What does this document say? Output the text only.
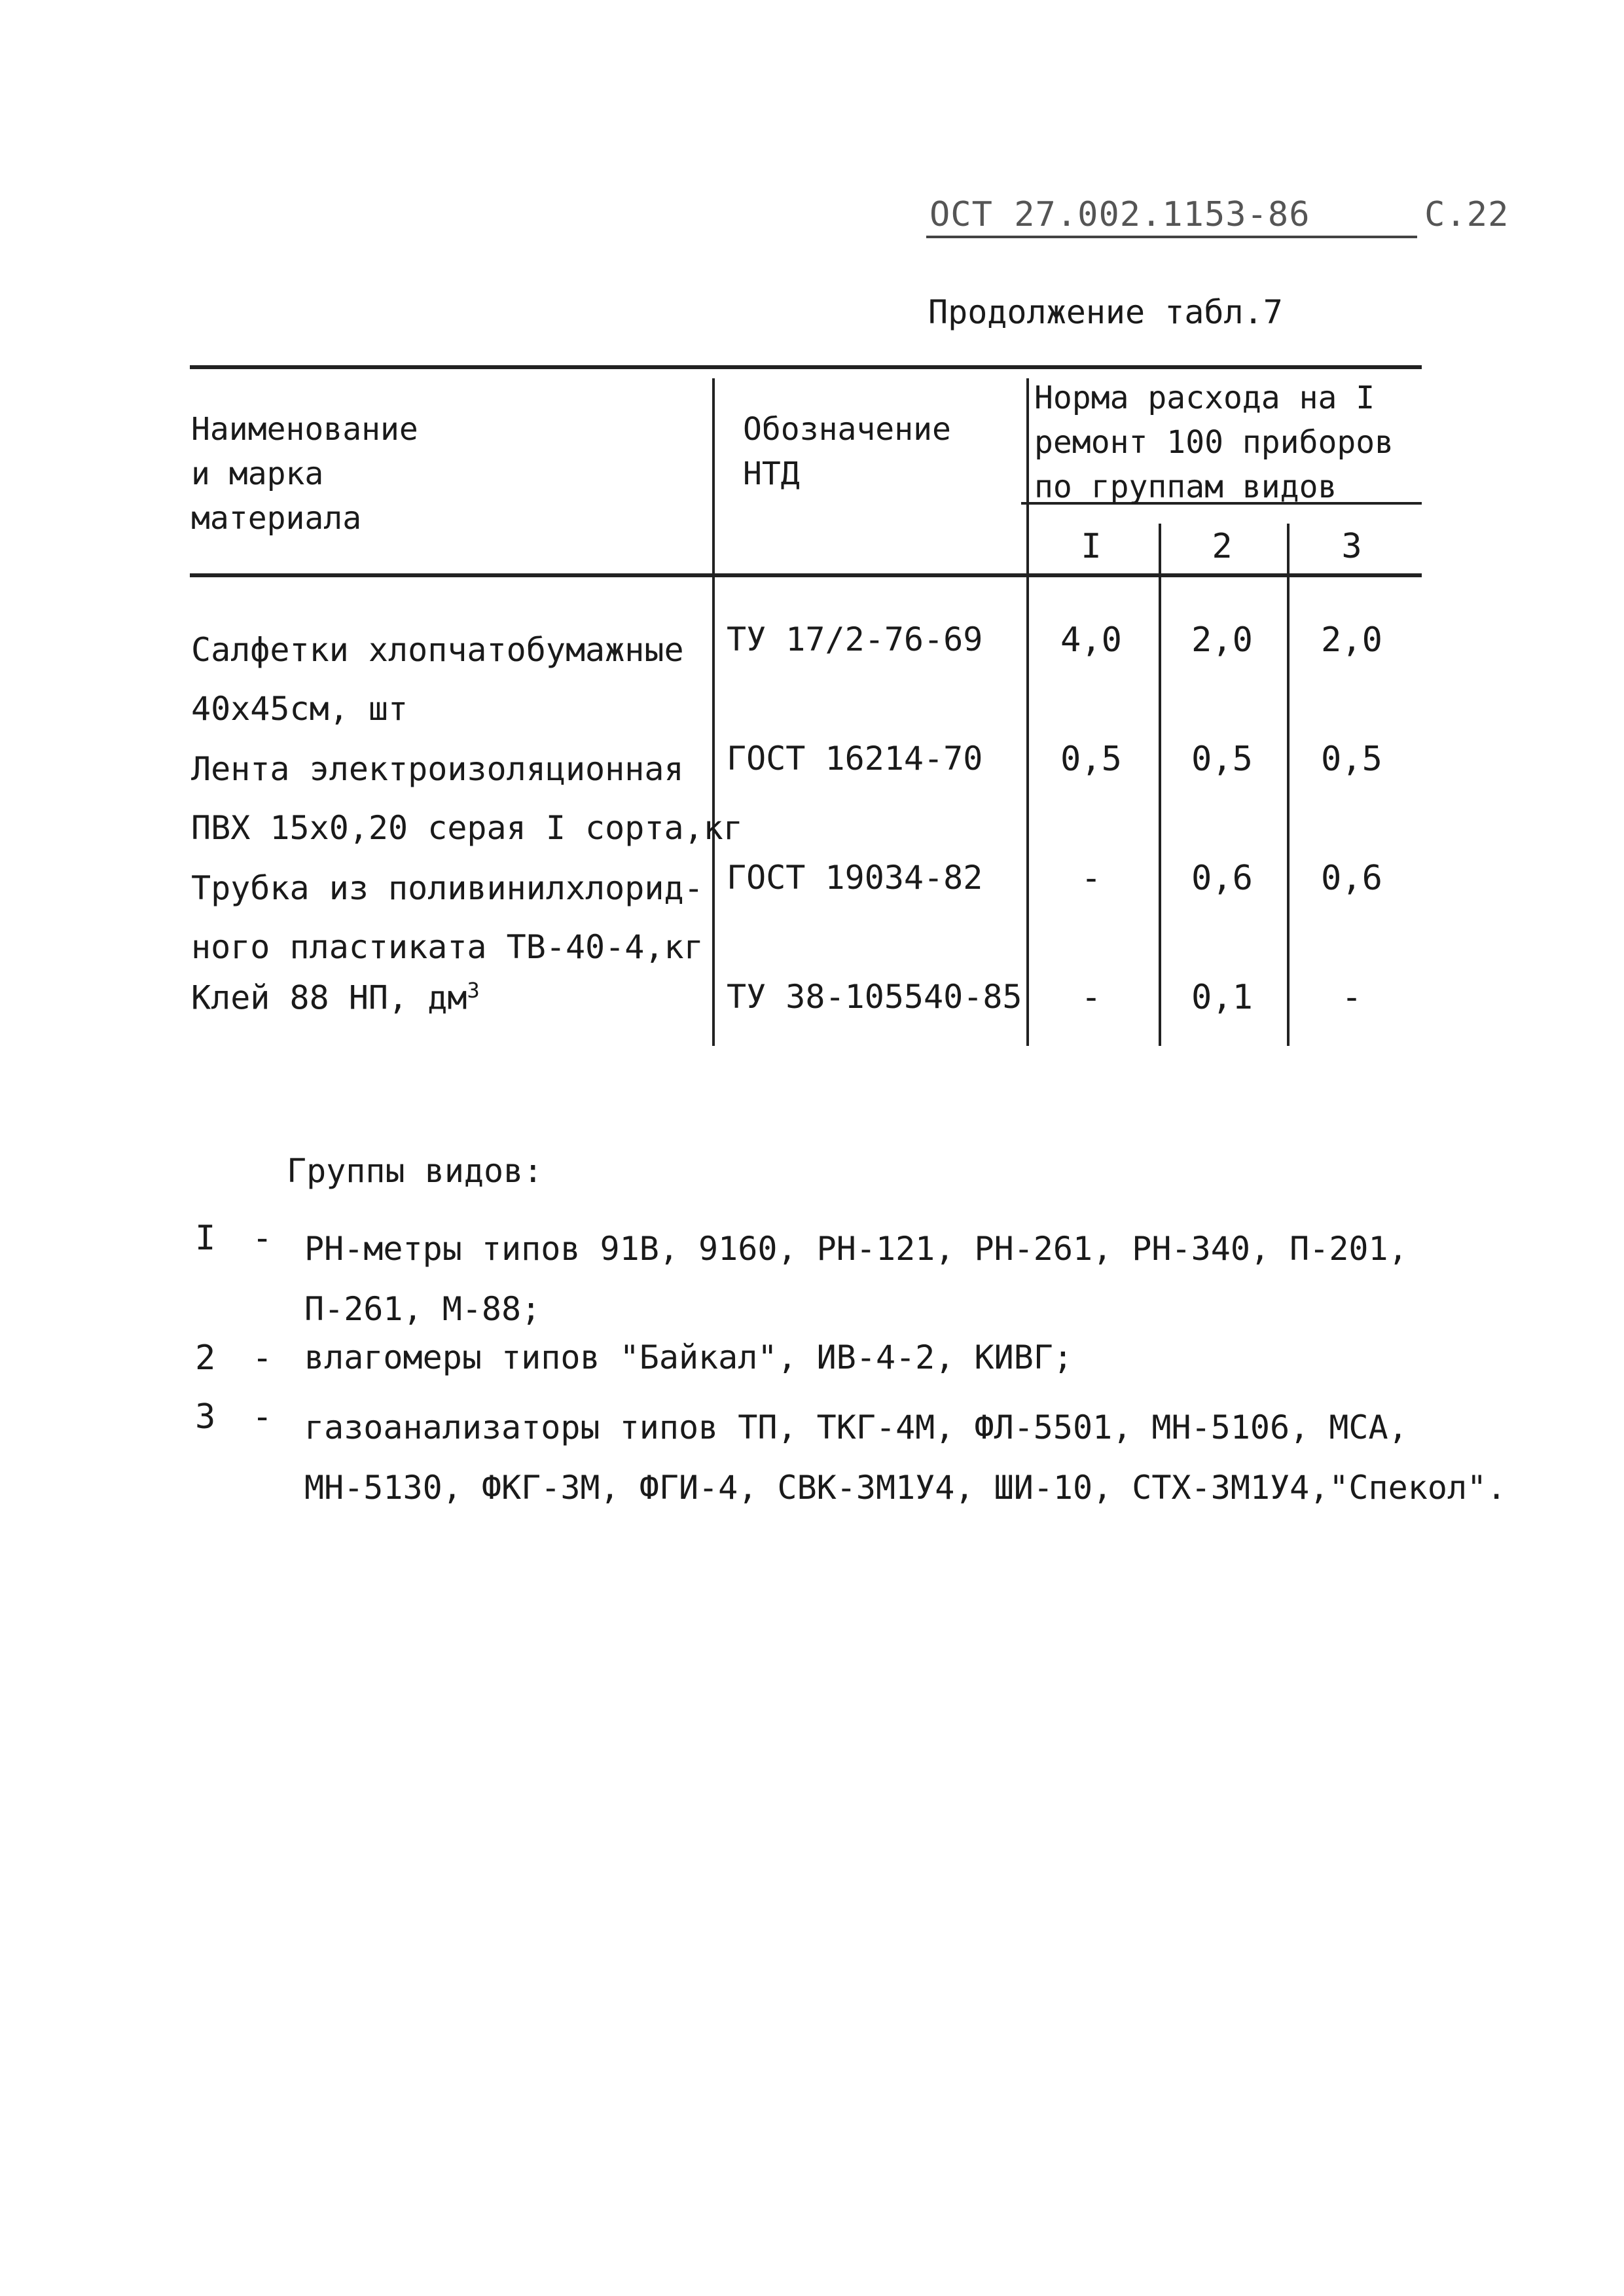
ОСТ 27.002.1153-86	С.22
Продолжение табл.7
Наименование
и марка
материала
Обозначение
НТД
Норма расхода на I
ремонт 100 приборов
по группам видов
I	2	3
Салфетки хлопчатобумажные
40х45см, шт
ТУ 17/2-76-69	4,0	2,0	2,0
Лента электроизоляционная
ПВХ 15х0,20 серая I сорта,кг
ГОСТ 16214-70	0,5	0,5	0,5
Трубка из поливинилхлорид-
ного пластиката ТВ-40-4,кг
ГОСТ 19034-82	-	0,6	0,6
Клей 88 НП, $дм^3$	ТУ 38-105540-85	-	0,1	-
Группы видов:
I - PH-метры типов 91В, 9160, PH-121, PH-261, PH-340, П-201,
П-261, М-88;
2 - влагомеры типов "Байкал", ИВ-4-2, КИВГ;
3 - газоанализаторы типов ТП, ТКГ-4М, ФЛ-5501, МН-5106, МСА,
МН-5130, ФКГ-3М, ФГИ-4, СВК-3М1У4, ШИ-10, СТХ-3М1У4,"Спекол".
